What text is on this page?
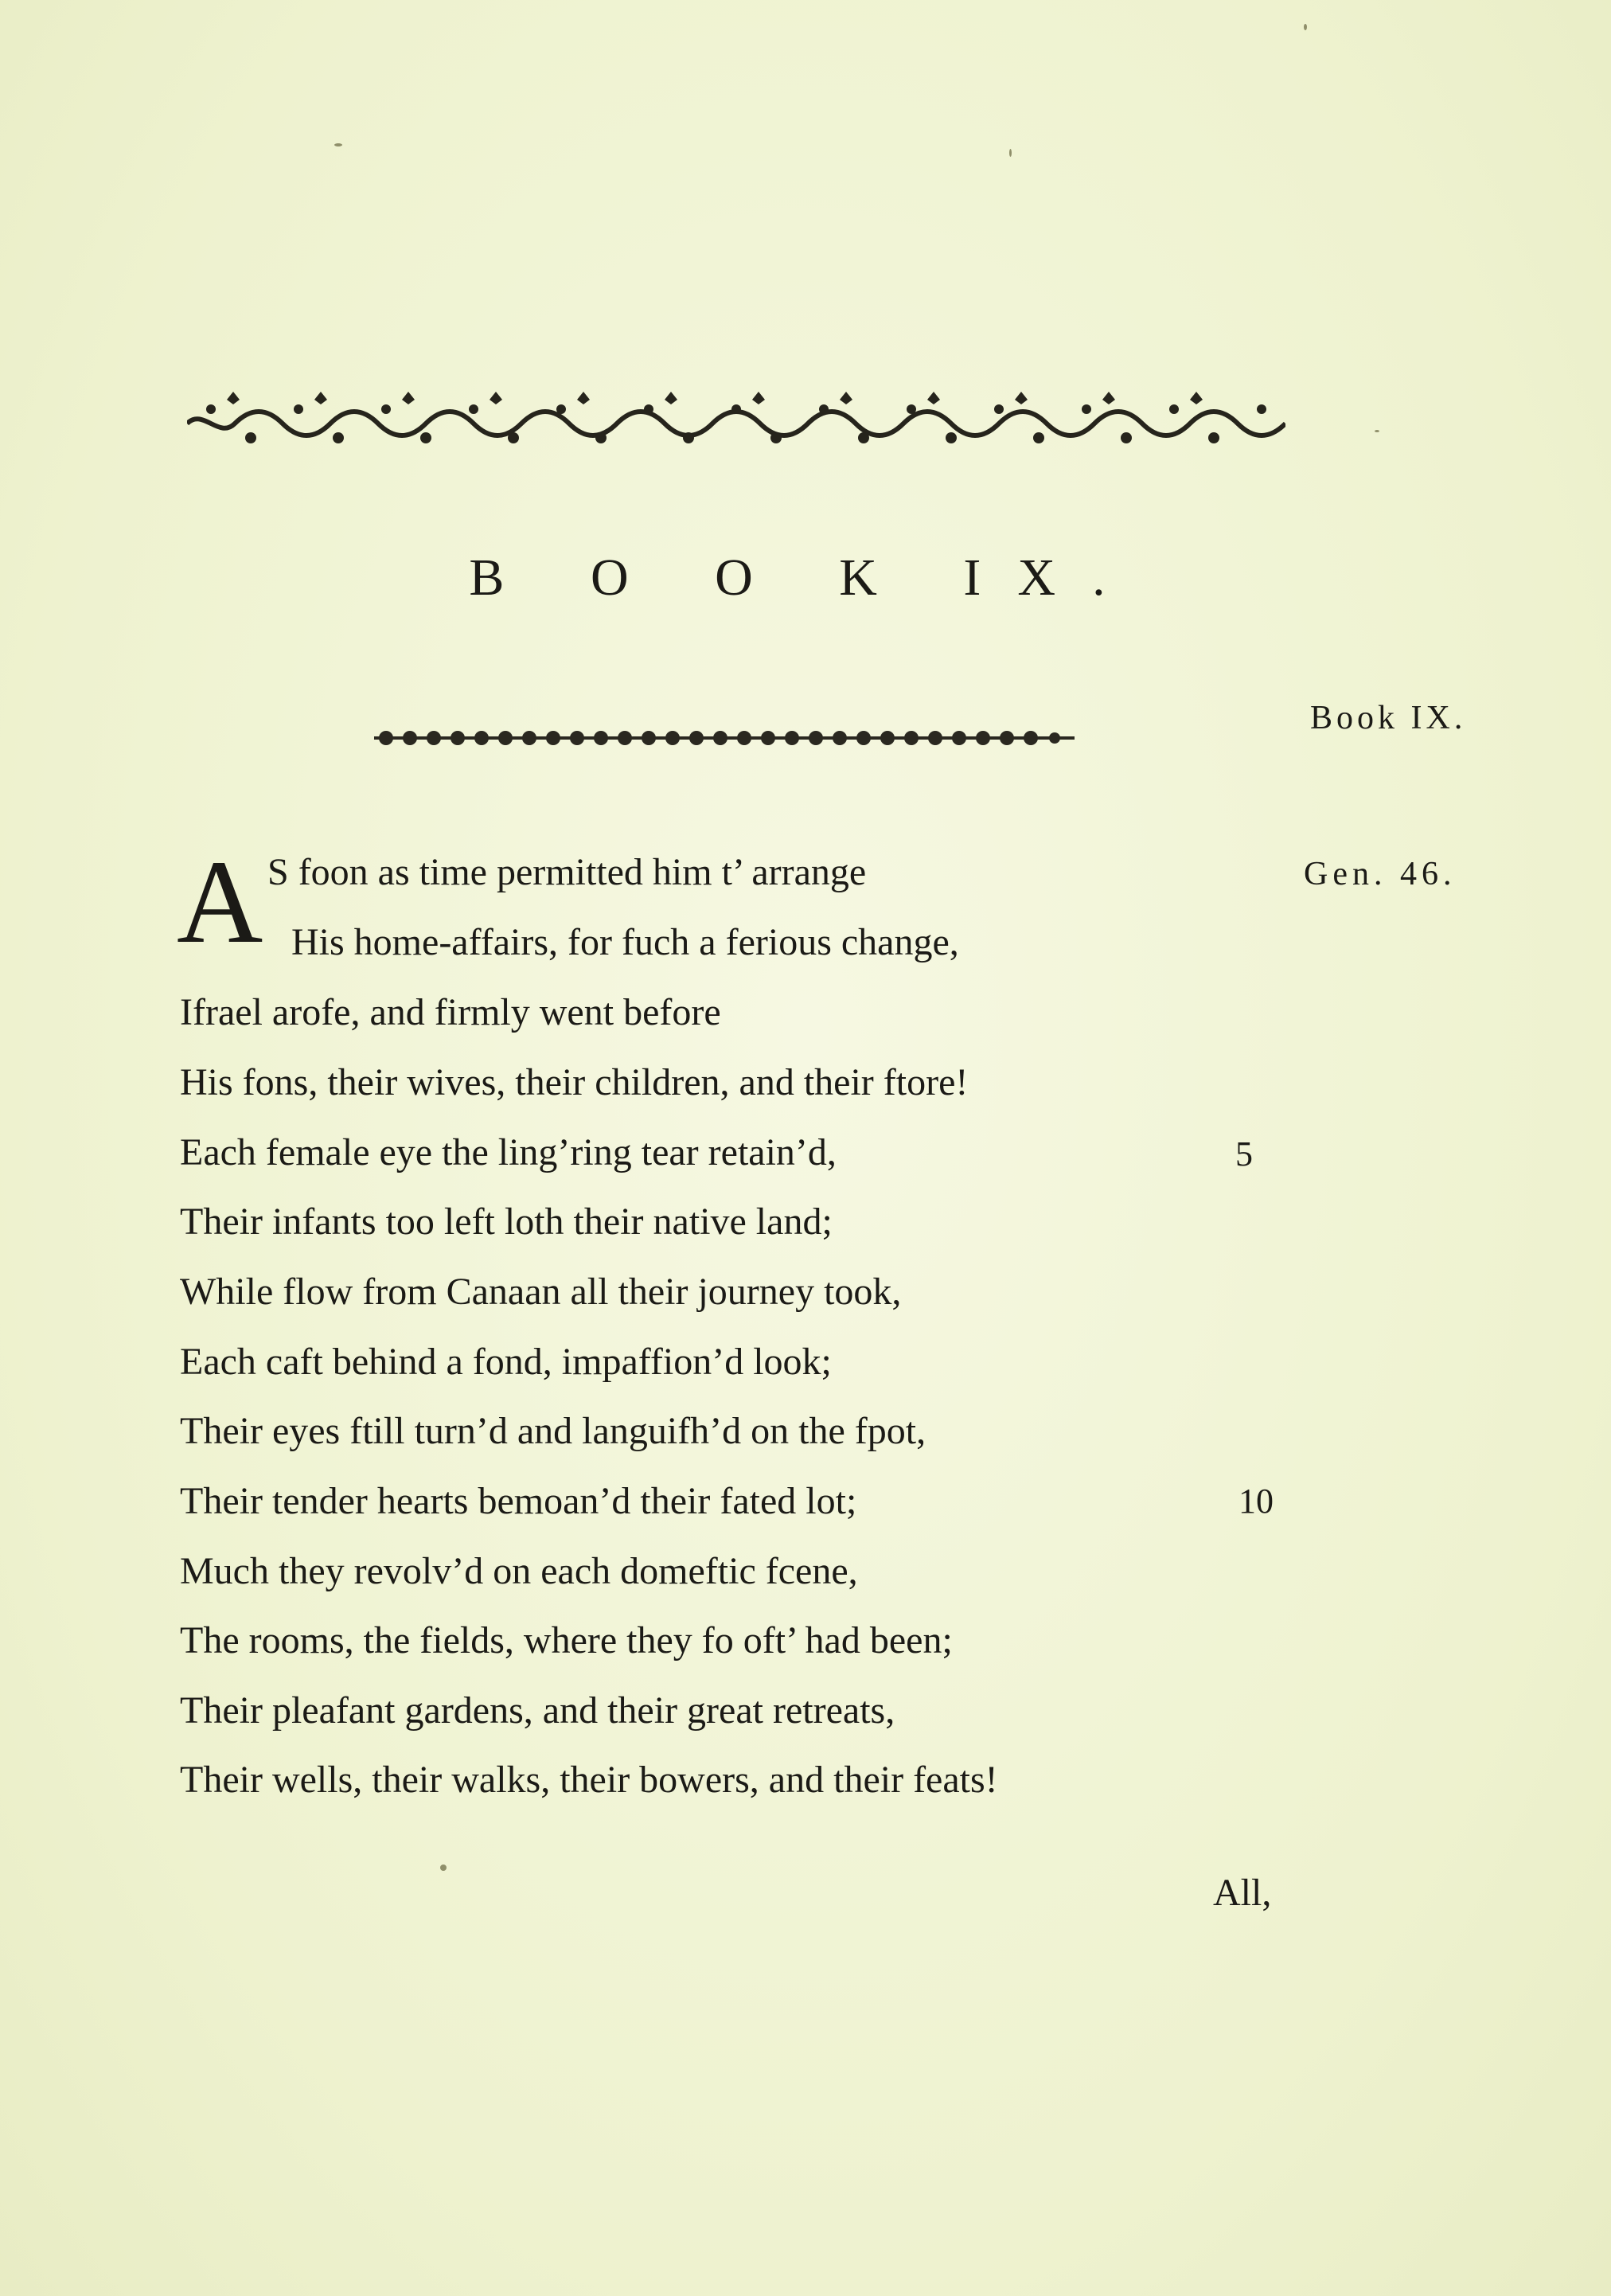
B O O K IX.
Book IX.
Gen. 46.
A S foon as time permitted him t’ arrange
His home-affairs, for fuch a ferious change,
Ifrael arofe, and firmly went before
His fons, their wives, their children, and their ftore!
Each female eye the ling’ring tear retain’d,
Their infants too left loth their native land;
While flow from Canaan all their journey took,
Each caft behind a fond, impaffion’d look;
Their eyes ftill turn’d and languifh’d on the fpot,
Their tender hearts bemoan’d their fated lot;
Much they revolv’d on each domeftic fcene,
The rooms, the fields, where they fo oft’ had been;
Their pleafant gardens, and their great retreats,
Their wells, their walks, their bowers, and their feats!
5
10
All,
